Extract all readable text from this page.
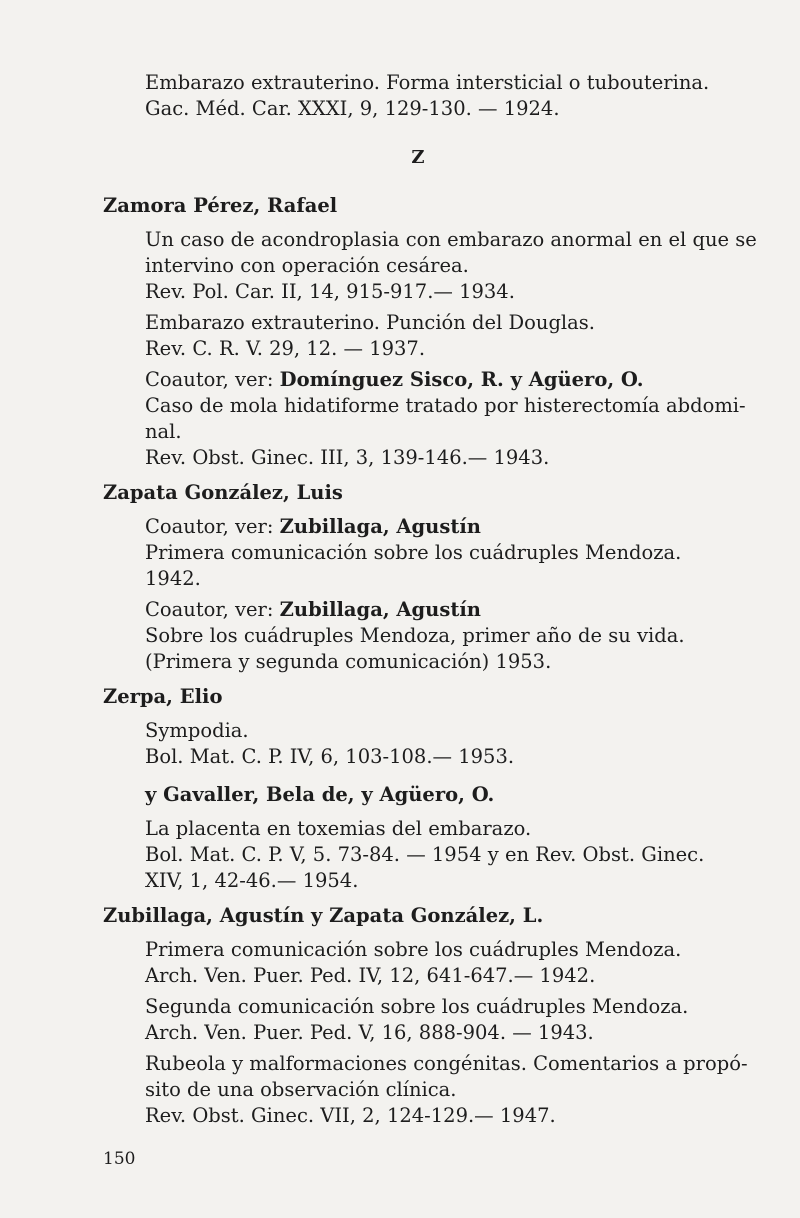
Embarazo extrauterino. Forma intersticial o tubouterina.
Gac. Méd. Car. XXXI, 9, 129-130. — 1924.
Z
Zamora Pérez, Rafael
Un caso de acondroplasia con embarazo anormal en el que se
intervino con operación cesárea.
Rev. Pol. Car. II, 14, 915-917.— 1934.
Embarazo extrauterino. Punción del Douglas.
Rev. C. R. V. 29, 12. — 1937.
Coautor, ver: Domínguez Sisco, R. y Agüero, O.
Caso de mola hidatiforme tratado por histerectomía abdomi-
nal.
Rev. Obst. Ginec. III, 3, 139-146.— 1943.
Zapata González, Luis
Coautor, ver: Zubillaga, Agustín
Primera comunicación sobre los cuádruples Mendoza.
1942.
Coautor, ver: Zubillaga, Agustín
Sobre los cuádruples Mendoza, primer año de su vida.
(Primera y segunda comunicación) 1953.
Zerpa, Elio
Sympodia.
Bol. Mat. C. P. IV, 6, 103-108.— 1953.
y Gavaller, Bela de, y Agüero, O.
La placenta en toxemias del embarazo.
Bol. Mat. C. P. V, 5. 73-84. — 1954 y en Rev. Obst. Ginec.
XIV, 1, 42-46.— 1954.
Zubillaga, Agustín y Zapata González, L.
Primera comunicación sobre los cuádruples Mendoza.
Arch. Ven. Puer. Ped. IV, 12, 641-647.— 1942.
Segunda comunicación sobre los cuádruples Mendoza.
Arch. Ven. Puer. Ped. V, 16, 888-904. — 1943.
Rubeola y malformaciones congénitas. Comentarios a propó-
sito de una observación clínica.
Rev. Obst. Ginec. VII, 2, 124-129.— 1947.
150
